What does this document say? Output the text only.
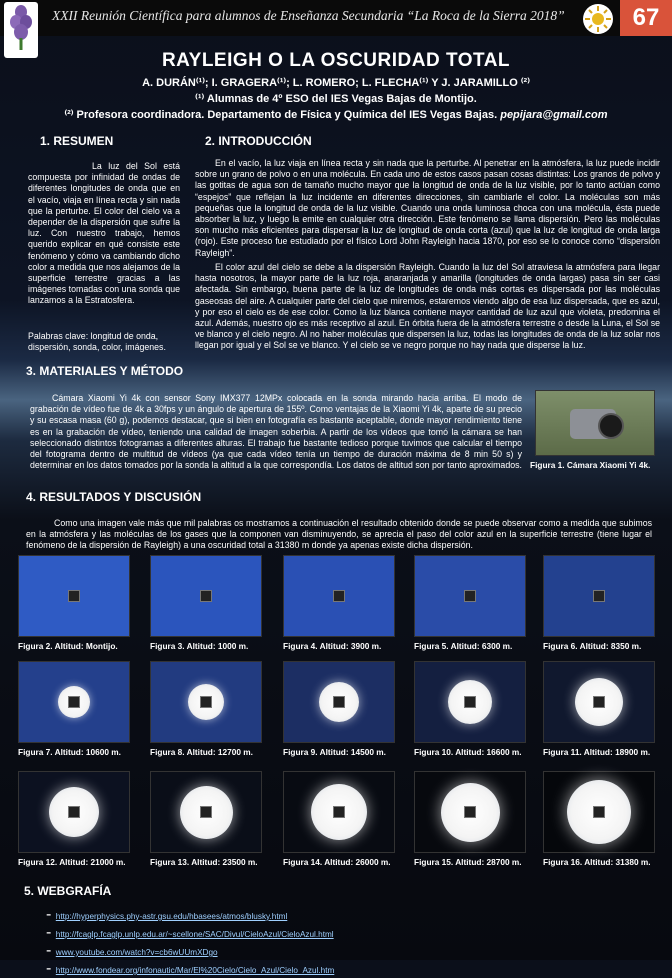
XXII Reunión Científica para alumnos de Enseñanza Secundaria “La Roca de la Sierra 2018”	67
RAYLEIGH O LA OSCURIDAD TOTAL
A. DURÁN⁽¹⁾; I. GRAGERA⁽¹⁾; L. ROMERO; L. FLECHA⁽¹⁾ Y J. JARAMILLO ⁽²⁾
⁽¹⁾ Alumnas de 4º ESO del IES Vegas Bajas de Montijo.
⁽²⁾ Profesora coordinadora. Departamento de Física y Química del IES Vegas Bajas. pepijara@gmail.com
1. RESUMEN
La luz del Sol está compuesta por infinidad de ondas de diferentes longitudes de onda que en el vacío, viaja en línea recta y sin nada que la perturbe. El color del cielo va a depender de la dispersión que sufre la luz. Con nuestro trabajo, hemos querido explicar en qué consiste este fenómeno y cómo va cambiando dicho color a medida que nos alejamos de la superficie terrestre gracias a las imágenes tomadas con una sonda que lanzamos a la Estratosfera.
Palabras clave: longitud de onda, dispersión, sonda, color, imágenes.
2. INTRODUCCIÓN
En el vacío, la luz viaja en línea recta y sin nada que la perturbe. Al penetrar en la atmósfera, la luz puede incidir sobre un grano de polvo o en una molécula. En cada uno de estos casos pasan cosas distintas: Los granos de polvo y las gotitas de agua son de tamaño mucho mayor que la longitud de onda de la luz visible, por lo tanto actúan como “espejos” que reflejan la luz incidente en diferentes direcciones, sin cambiarle el color. La moléculas son más pequeñas que la longitud de onda de la luz visible. Cuando una onda luminosa choca con una molécula, ésta puede absorber la luz, y luego la emite en cualquier otra dirección. Este fenómeno se llama dispersión. Pero las moléculas son mucho más eficientes para dispersar la luz de longitud de onda corta (azul) que la luz de longitud de onda larga (rojo). Este proceso fue estudiado por el físico Lord John Rayleigh hacia 1870, por eso se lo conoce como “dispersión Rayleigh”.
El color azul del cielo se debe a la dispersión Rayleigh. Cuando la luz del Sol atraviesa la atmósfera para llegar hasta nosotros, la mayor parte de la luz roja, anaranjada y amarilla (longitudes de onda largas) pasa sin ser casi afectada. Sin embargo, buena parte de la luz de longitudes de onda más cortas es dispersada por las moléculas gaseosas del aire. A cualquier parte del cielo que miremos, estaremos viendo algo de esa luz dispersada, que es azul, y por eso el cielo es de ese color. Como la luz blanca contiene mayor cantidad de luz azul que violeta, predomina el azul. Además, nuestro ojo es más receptivo al azul. En órbita fuera de la atmósfera terrestre o desde la Luna, el Sol se ve blanco y el cielo negro. Al no haber moléculas que dispersen la luz, todas las longitudes de onda de la luz solar nos llegan por igual y el Sol se ve blanco. Y el cielo se ve negro porque no hay nada que disperse la luz.
3. MATERIALES Y MÉTODO
Cámara Xiaomi Yi 4k con sensor Sony IMX377 12MPx colocada en la sonda mirando hacia arriba. El modo de grabación de vídeo fue de 4k a 30fps y un ángulo de apertura de 155º. Como ventajas de la Xiaomi Yi 4k, aparte de su precio y su escasa masa (60 g), podemos destacar, que si bien en fotografía es bastante aceptable, donde mayor rendimiento tiene es en la grabación de vídeo, teniendo una calidad de imagen soberbia. A partir de los vídeos que tomó la cámara se han seleccionado distintos fotogramas a diferentes alturas. El trabajo fue bastante tedioso porque tuvimos que calcular el tiempo del fotograma dentro de multitud de vídeos (ya que cada vídeo tenía un tiempo de duración máxima de 8 min 50 s) y determinar en los datos tomados por la sonda la altitud a la que correspondía. Los datos de altitud son por tanto aproximados. Figura 1. Cámara Xiaomi Yi 4k.
4. RESULTADOS Y DISCUSIÓN
Como una imagen vale más que mil palabras os mostramos a continuación el resultado obtenido donde se puede observar como a medida que subimos en la atmósfera y las moléculas de los gases que la componen van disminuyendo, se aprecia el paso del color azul en la superficie terrestre (tiene lugar el fenómeno de la dispersión de Rayleigh) a una oscuridad total a 31380 m donde ya apenas existe dicha dispersión.
Figura 2. Altitud: Montijo.	Figura 3. Altitud: 1000 m.	Figura 4. Altitud: 3900 m.	Figura 5. Altitud: 6300 m.	Figura 6. Altitud: 8350 m.
Figura 7. Altitud: 10600 m.	Figura 8. Altitud: 12700 m.	Figura 9. Altitud: 14500 m.	Figura 10. Altitud: 16600 m.	Figura 11. Altitud: 18900 m.
Figura 12. Altitud: 21000 m.	Figura 13. Altitud: 23500 m.	Figura 14. Altitud: 26000 m.	Figura 15. Altitud: 28700 m.	Figura 16. Altitud: 31380 m.
5. WEBGRAFÍA
- http://hyperphysics.phy-astr.gsu.edu/hbasees/atmos/blusky.html
- http://fcaglp.fcaglp.unlp.edu.ar/~scellone/SAC/Divul/CieloAzul/CieloAzul.html
- www.youtube.com/watch?v=cb6wUUmXDgo
- http://www.fondear.org/infonautic/Mar/El%20Cielo/Cielo_Azul/Cielo_Azul.htm
